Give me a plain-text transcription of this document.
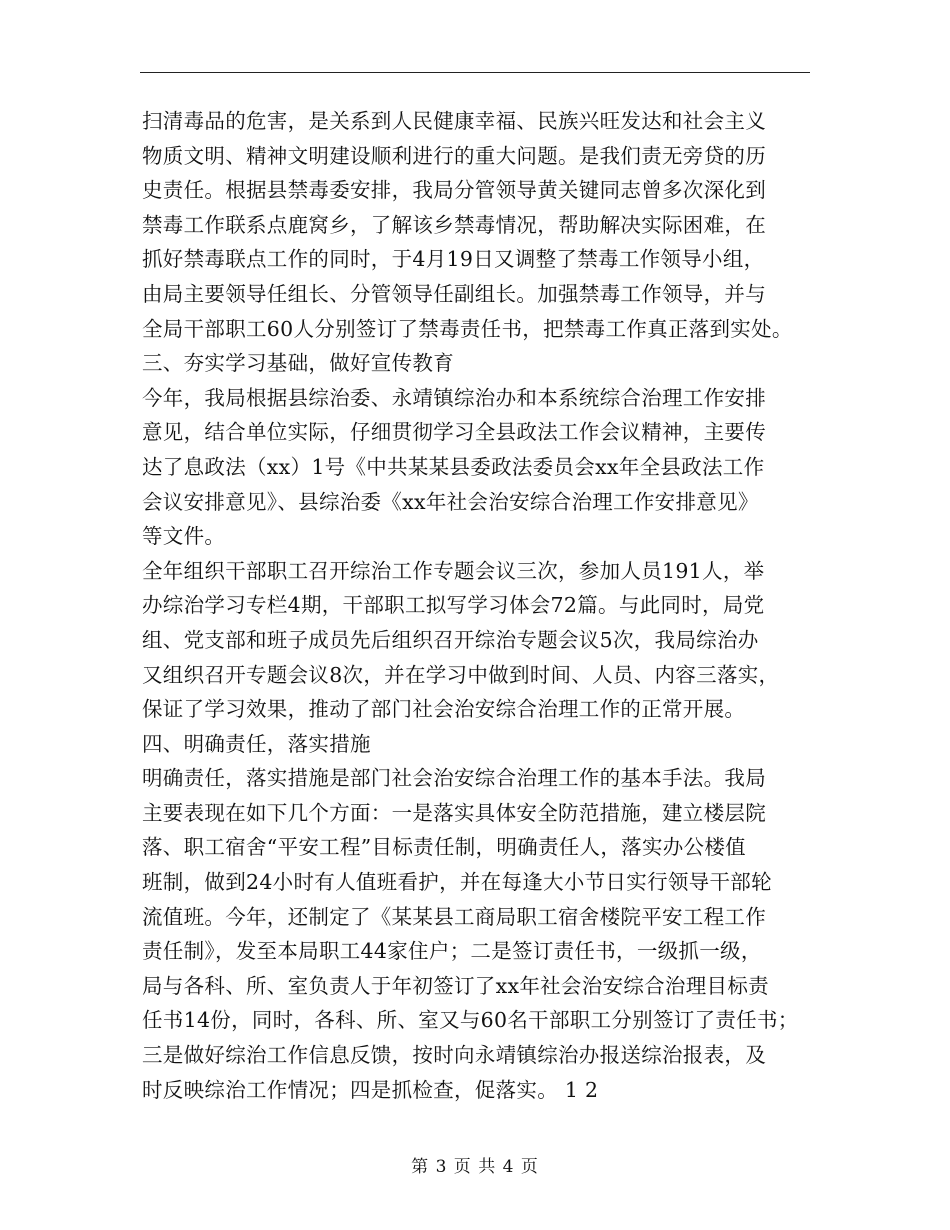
扫清毒品的危害，是关系到人民健康幸福、民族兴旺发达和社会主义
物质文明、精神文明建设顺利进行的重大问题。是我们责无旁贷的历
史责任。根据县禁毒委安排，我局分管领导黄关键同志曾多次深化到
禁毒工作联系点鹿窝乡，了解该乡禁毒情况，帮助解决实际困难，在
抓好禁毒联点工作的同时，于4月19日又调整了禁毒工作领导小组，
由局主要领导任组长、分管领导任副组长。加强禁毒工作领导，并与
全局干部职工60人分别签订了禁毒责任书，把禁毒工作真正落到实处。
三、夯实学习基础，做好宣传教育
今年，我局根据县综治委、永靖镇综治办和本系统综合治理工作安排
意见，结合单位实际，仔细贯彻学习全县政法工作会议精神，主要传
达了息政法（xx）1号《中共某某县委政法委员会xx年全县政法工作
会议安排意见》、县综治委《xx年社会治安综合治理工作安排意见》
等文件。
全年组织干部职工召开综治工作专题会议三次，参加人员191人，举
办综治学习专栏4期，干部职工拟写学习体会72篇。与此同时，局党
组、党支部和班子成员先后组织召开综治专题会议5次，我局综治办
又组织召开专题会议8次，并在学习中做到时间、人员、内容三落实，
保证了学习效果，推动了部门社会治安综合治理工作的正常开展。
四、明确责任，落实措施
明确责任，落实措施是部门社会治安综合治理工作的基本手法。我局
主要表现在如下几个方面：一是落实具体安全防范措施，建立楼层院
落、职工宿舍“平安工程”目标责任制，明确责任人，落实办公楼值
班制，做到24小时有人值班看护，并在每逢大小节日实行领导干部轮
流值班。今年，还制定了《某某县工商局职工宿舍楼院平安工程工作
责任制》，发至本局职工44家住户；二是签订责任书，一级抓一级，
局与各科、所、室负责人于年初签订了xx年社会治安综合治理目标责
任书14份，同时，各科、所、室又与60名干部职工分别签订了责任书；
三是做好综治工作信息反馈，按时向永靖镇综治办报送综治报表，及
时反映综治工作情况；四是抓检查，促落实。 1 2
第 3 页 共 4 页
